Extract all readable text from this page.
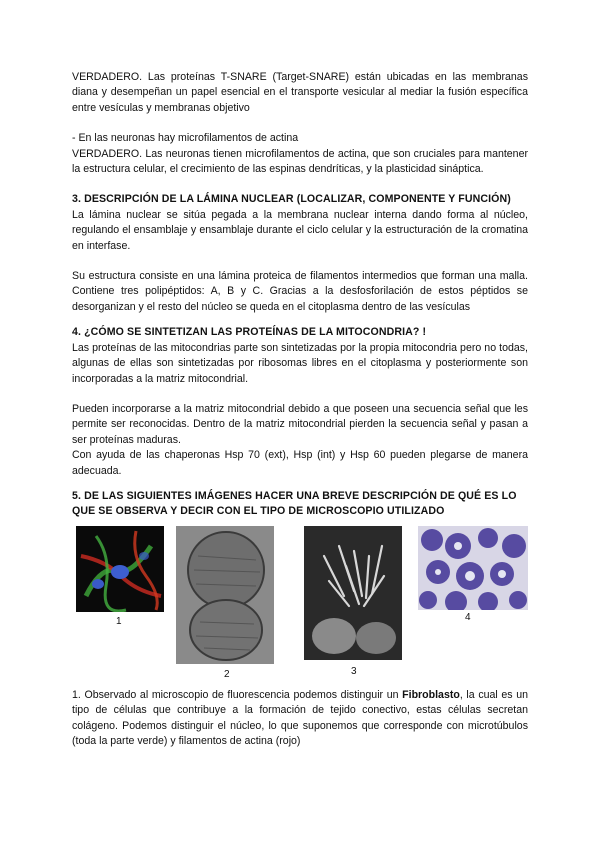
VERDADERO. Las proteínas T-SNARE (Target-SNARE) están ubicadas en las membranas diana y desempeñan un papel esencial en el transporte vesicular al mediar la fusión específica entre vesículas y membranas objetivo

- En las neuronas hay microfilamentos de actina

VERDADERO. Las neuronas tienen microfilamentos de actina, que son cruciales para mantener la estructura celular, el crecimiento de las espinas dendríticas, y la plasticidad sináptica.

3. DESCRIPCIÓN DE LA LÁMINA NUCLEAR (LOCALIZAR, COMPONENTE Y FUNCIÓN)

La lámina nuclear se sitúa pegada a la membrana nuclear interna dando forma al núcleo, regulando el ensamblaje y ensamblaje durante el ciclo celular y la estructuración de la cromatina en interfase.

Su estructura consiste en una lámina proteica de filamentos intermedios que forman una malla. Contiene tres polipéptidos: A, B y C. Gracias a la desfosforilación de estos péptidos se desorganizan y el resto del núcleo se queda en el citoplasma dentro de las vesículas

4. ¿CÓMO SE SINTETIZAN LAS PROTEÍNAS DE LA MITOCONDRIA? !

Las proteínas de las mitocondrias parte son sintetizadas por la propia mitocondria pero no todas, algunas de ellas son sintetizadas por ribosomas libres en el citoplasma y posteriormente son incorporadas a la matriz mitocondrial.

Pueden incorporarse a la matriz mitocondrial debido a que poseen una secuencia señal que les permite ser reconocidas. Dentro de la matriz mitocondrial pierden la secuencia señal y pasan a ser proteínas maduras.

Con ayuda de las chaperonas Hsp 70 (ext), Hsp (int) y Hsp 60 pueden plegarse de manera adecuada.

5. DE LAS SIGUIENTES IMÁGENES HACER UNA BREVE DESCRIPCIÓN DE QUÉ ES LO QUE SE OBSERVA Y DECIR CON EL TIPO DE MICROSCOPIO UTILIZADO
1
2	3
4

1. Observado al microscopio de fluorescencia podemos distinguir un Fibroblasto, la cual es un tipo de células que contribuye a la formación de tejido conectivo, estas células secretan colágeno. Podemos distinguir el núcleo, lo que suponemos que corresponde con microtúbulos (toda la parte verde) y filamentos de actina (rojo)
